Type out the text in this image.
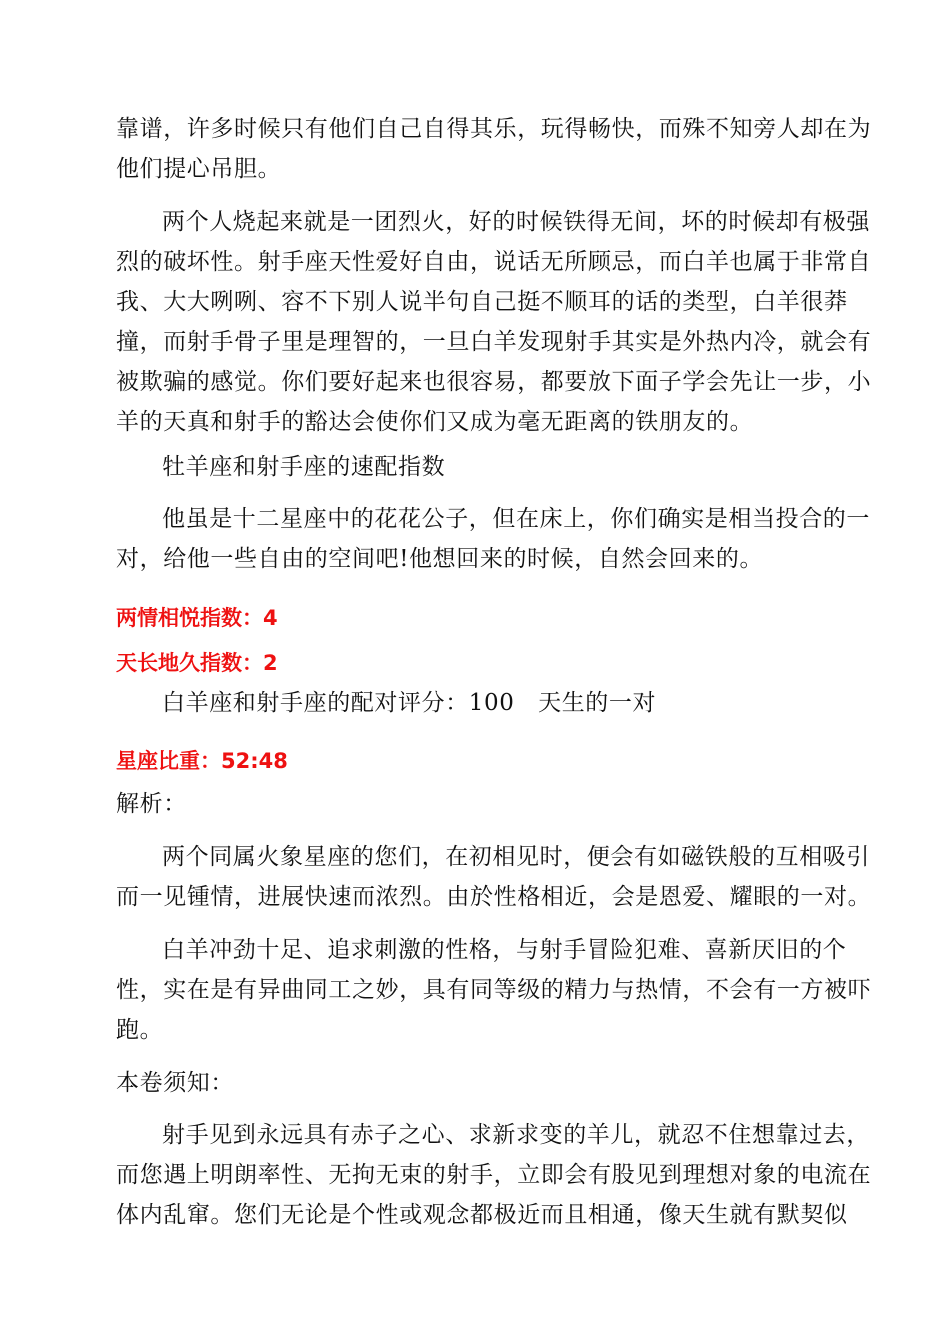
靠谱，许多时候只有他们自己自得其乐，玩得畅快，而殊不知旁人却在为
他们提心吊胆。
两个人烧起来就是一团烈火，好的时候铁得无间，坏的时候却有极强
烈的破坏性。射手座天性爱好自由，说话无所顾忌，而白羊也属于非常自
我、大大咧咧、容不下别人说半句自己挺不顺耳的话的类型，白羊很莽
撞，而射手骨子里是理智的，一旦白羊发现射手其实是外热内冷，就会有
被欺骗的感觉。你们要好起来也很容易，都要放下面子学会先让一步，小
羊的天真和射手的豁达会使你们又成为毫无距离的铁朋友的。
牡羊座和射手座的速配指数
他虽是十二星座中的花花公子，但在床上，你们确实是相当投合的一
对，给他一些自由的空间吧!他想回来的时候，自然会回来的。
两情相悦指数：4
天长地久指数：2
白羊座和射手座的配对评分：100　天生的一对
星座比重：52:48
解析：
两个同属火象星座的您们，在初相见时，便会有如磁铁般的互相吸引
而一见锺情，进展快速而浓烈。由於性格相近，会是恩爱、耀眼的一对。
白羊冲劲十足、追求刺激的性格，与射手冒险犯难、喜新厌旧的个
性，实在是有异曲同工之妙，具有同等级的精力与热情，不会有一方被吓
跑。
本卷须知：
射手见到永远具有赤子之心、求新求变的羊儿，就忍不住想靠过去，
而您遇上明朗率性、无拘无束的射手，立即会有股见到理想对象的电流在
体内乱窜。您们无论是个性或观念都极近而且相通，像天生就有默契似
